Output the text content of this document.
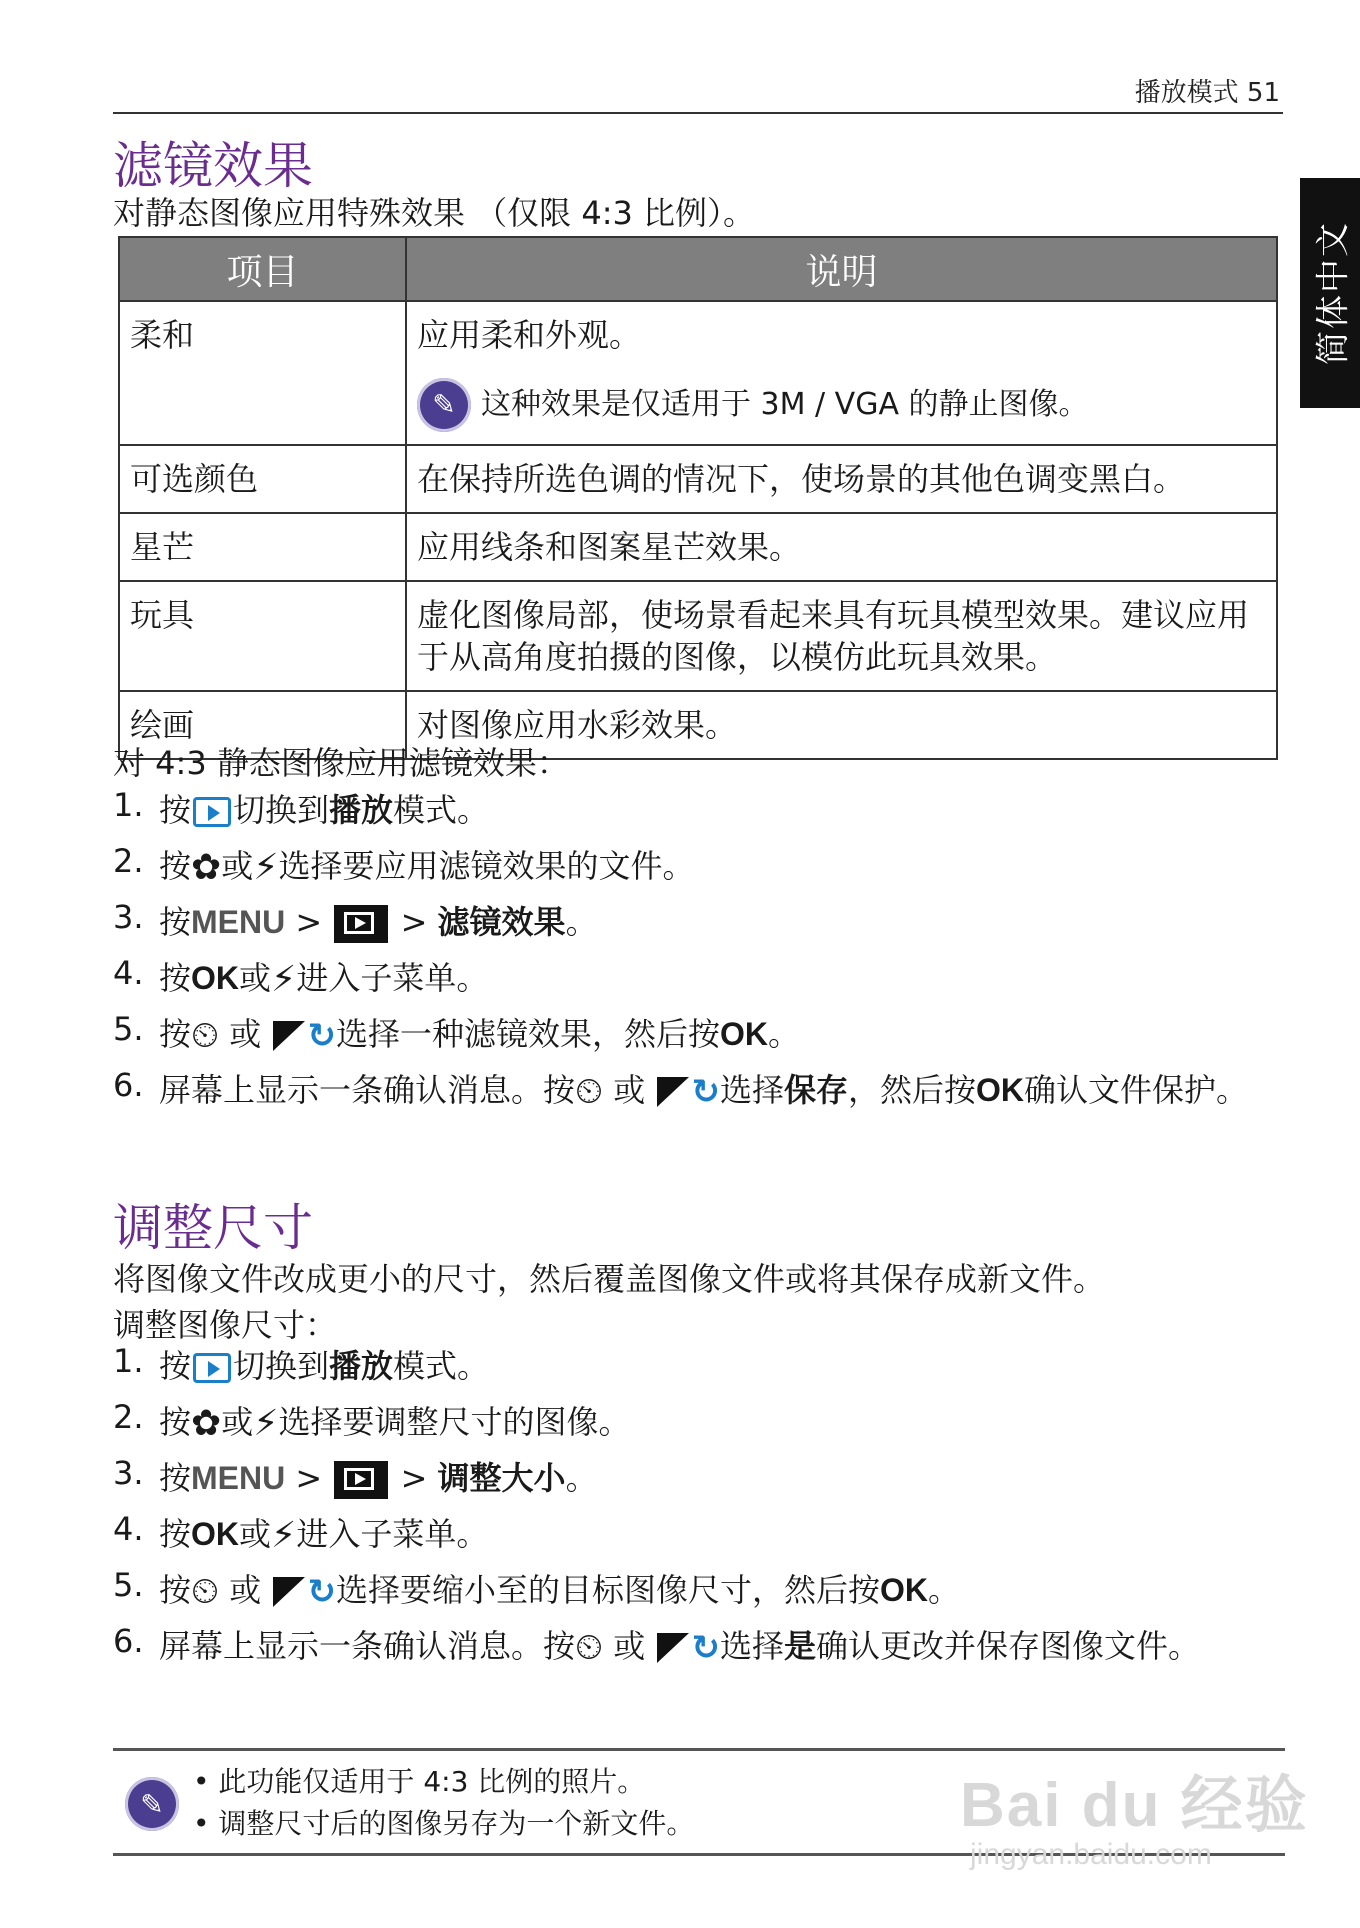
播放模式 51
简体中文
滤镜效果

对静态图像应用特殊效果 （仅限 4:3 比例）。

项目	说明
柔和	应用柔和外观。
✎ 这种效果是仅适用于 3M / VGA 的静止图像。

可选颜色	在保持所选色调的情况下，使场景的其他色调变黑白。
星芒	应用线条和图案星芒效果。
玩具	虚化图像局部，使场景看起来具有玩具模型效果。建议应用于从高角度拍摄的图像，以模仿此玩具效果。
绘画	对图像应用水彩效果。

对 4:3 静态图像应用滤镜效果：

1. 按 切换到播放模式。
2. 按✿或⚡选择要应用滤镜效果的文件。
3. 按MENU >  > 滤镜效果。
4. 按OK或⚡进入子菜单。
5. 按⏲ 或 ↻选择一种滤镜效果，然后按OK。
6. 屏幕上显示一条确认消息。按⏲ 或 ↻选择保存，然后按OK确认文件保护。
调整尺寸

将图像文件改成更小的尺寸，然后覆盖图像文件或将其保存成新文件。

调整图像尺寸：

1. 按 切换到播放模式。
2. 按✿或⚡选择要调整尺寸的图像。
3. 按MENU >  > 调整大小。
4. 按OK或⚡进入子菜单。
5. 按⏲ 或 ↻选择要缩小至的目标图像尺寸，然后按OK。
6. 屏幕上显示一条确认消息。按⏲ 或 ↻选择是确认更改并保存图像文件。
✎
• 此功能仅适用于 4:3 比例的照片。
• 调整尺寸后的图像另存为一个新文件。	Bai du 经验
jingyan.baidu.com
